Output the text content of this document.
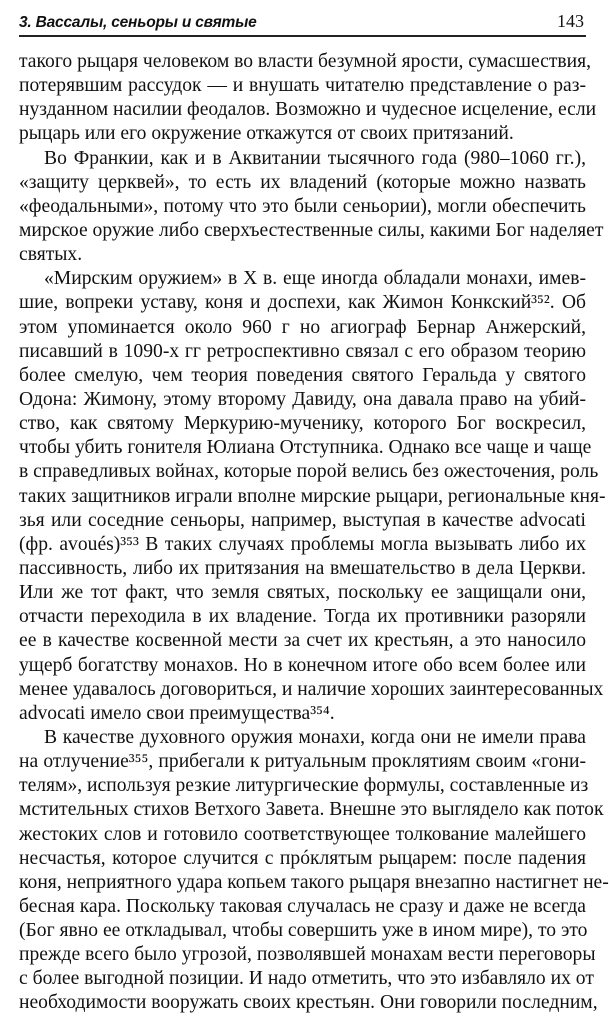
3. Вассалы, сеньоры и святые	143
такого рыцаря человеком во власти безумной ярости, сумасшествия,
потерявшим рассудок — и внушать читателю представление о раз-
нузданном насилии феодалов. Возможно и чудесное исцеление, если
рыцарь или его окружение откажутся от своих притязаний.
Во Франкии, как и в Аквитании тысячного года (980–1060 гг.),
«защиту церквей», то есть их владений (которые можно назвать
«феодальными», потому что это были сеньории), могли обеспечить
мирское оружие либо сверхъестественные силы, какими Бог наделяет
святых.
«Мирским оружием» в X в. еще иногда обладали монахи, имев-
шие, вопреки уставу, коня и доспехи, как Жимон Конкский³⁵². Об
этом упоминается около 960 г но агиограф Бернар Анжерский,
писавший в 1090-х гг ретроспективно связал с его образом теорию
более смелую, чем теория поведения святого Геральда у святого
Одона: Жимону, этому второму Давиду, она давала право на убий-
ство, как святому Меркурию-мученику, которого Бог воскресил,
чтобы убить гонителя Юлиана Отступника. Однако все чаще и чаще
в справедливых войнах, которые порой велись без ожесточения, роль
таких защитников играли вполне мирские рыцари, региональные кня-
зья или соседние сеньоры, например, выступая в качестве advocati
(фр. avoués)³⁵³ В таких случаях проблемы могла вызывать либо их
пассивность, либо их притязания на вмешательство в дела Церкви.
Или же тот факт, что земля святых, поскольку ее защищали они,
отчасти переходила в их владение. Тогда их противники разоряли
ее в качестве косвенной мести за счет их крестьян, а это наносило
ущерб богатству монахов. Но в конечном итоге обо всем более или
менее удавалось договориться, и наличие хороших заинтересованных
advocati имело свои преимущества³⁵⁴.
В качестве духовного оружия монахи, когда они не имели права
на отлучение³⁵⁵, прибегали к ритуальным проклятиям своим «гони-
телям», используя резкие литургические формулы, составленные из
мстительных стихов Ветхого Завета. Внешне это выглядело как поток
жестоких слов и готовило соответствующее толкование малейшего
несчастья, которое случится с прóклятым рыцарем: после падения
коня, неприятного удара копьем такого рыцаря внезапно настигнет не-
бесная кара. Поскольку таковая случалась не сразу и даже не всегда
(Бог явно ее откладывал, чтобы совершить уже в ином мире), то это
прежде всего было угрозой, позволявшей монахам вести переговоры
с более выгодной позиции. И надо отметить, что это избавляло их от
необходимости вооружать своих крестьян. Они говорили последним,
